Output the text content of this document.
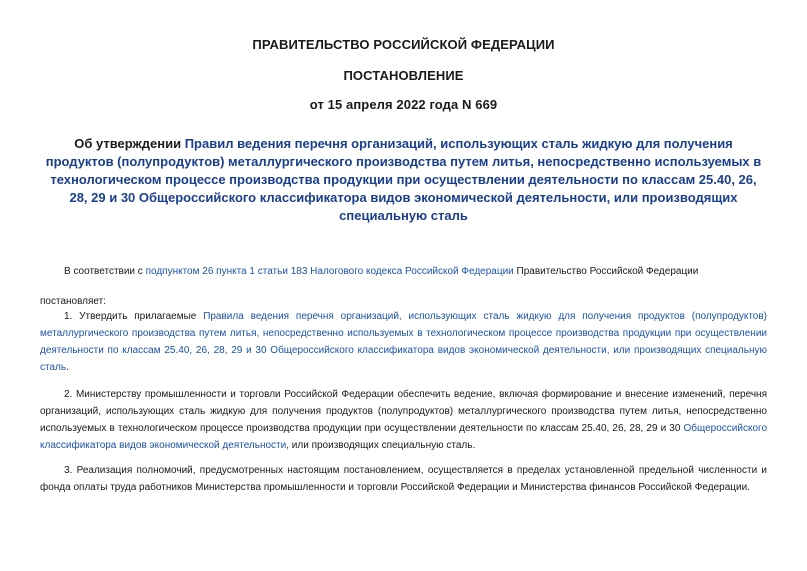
ПРАВИТЕЛЬСТВО РОССИЙСКОЙ ФЕДЕРАЦИИ
ПОСТАНОВЛЕНИЕ
от 15 апреля 2022 года N 669
Об утверждении Правил ведения перечня организаций, использующих сталь жидкую для получения продуктов (полупродуктов) металлургического производства путем литья, непосредственно используемых в технологическом процессе производства продукции при осуществлении деятельности по классам 25.40, 26, 28, 29 и 30 Общероссийского классификатора видов экономической деятельности, или производящих специальную сталь
В соответствии с подпунктом 26 пункта 1 статьи 183 Налогового кодекса Российской Федерации Правительство Российской Федерации
постановляет:
1. Утвердить прилагаемые Правила ведения перечня организаций, использующих сталь жидкую для получения продуктов (полупродуктов) металлургического производства путем литья, непосредственно используемых в технологическом процессе производства продукции при осуществлении деятельности по классам 25.40, 26, 28, 29 и 30 Общероссийского классификатора видов экономической деятельности, или производящих специальную сталь.
2. Министерству промышленности и торговли Российской Федерации обеспечить ведение, включая формирование и внесение изменений, перечня организаций, использующих сталь жидкую для получения продуктов (полупродуктов) металлургического производства путем литья, непосредственно используемых в технологическом процессе производства продукции при осуществлении деятельности по классам 25.40, 26, 28, 29 и 30 Общероссийского классификатора видов экономической деятельности, или производящих специальную сталь.
3. Реализация полномочий, предусмотренных настоящим постановлением, осуществляется в пределах установленной предельной численности и фонда оплаты труда работников Министерства промышленности и торговли Российской Федерации и Министерства финансов Российской Федерации.
